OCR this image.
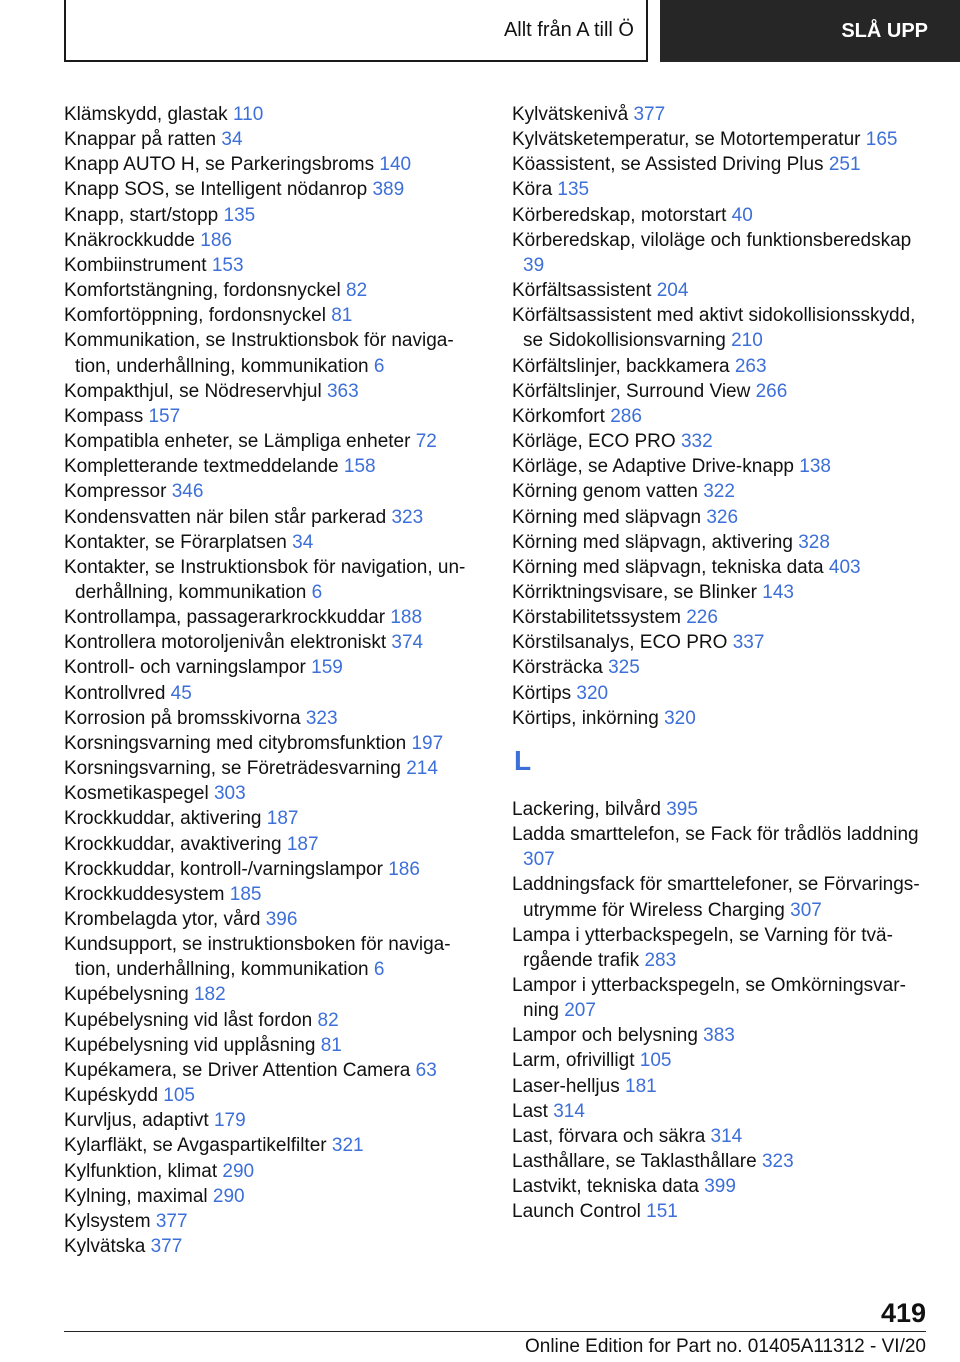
Allt från A till Ö	SLÅ UPP
Klämskydd, glastak 110
Knappar på ratten 34
Knapp AUTO H, se Parkeringsbroms 140
Knapp SOS, se Intelligent nödanrop 389
Knapp, start/stopp 135
Knäkrockkudde 186
Kombiinstrument 153
Komfortstängning, fordonsnyckel 82
Komfortöppning, fordonsnyckel 81
Kommunikation, se Instruktionsbok för navigation, underhållning, kommunikation 6
Kompakthjul, se Nödreservhjul 363
Kompass 157
Kompatibla enheter, se Lämpliga enheter 72
Kompletterande textmeddelande 158
Kompressor 346
Kondensvatten när bilen står parkerad 323
Kontakter, se Förarplatsen 34
Kontakter, se Instruktionsbok för navigation, underhållning, kommunikation 6
Kontrollampa, passagerarkrockkuddar 188
Kontrollera motoroljenivån elektroniskt 374
Kontroll- och varningslampor 159
Kontrollvred 45
Korrosion på bromsskivorna 323
Korsningsvarning med citybromsfunktion 197
Korsningsvarning, se Företrädesvarning 214
Kosmetikaspegel 303
Krockkuddar, aktivering 187
Krockkuddar, avaktivering 187
Krockkuddar, kontroll-/varningslampor 186
Krockkuddesystem 185
Krombelagda ytor, vård 396
Kundsupport, se instruktionsboken för navigation, underhållning, kommunikation 6
Kupébelysning 182
Kupébelysning vid låst fordon 82
Kupébelysning vid upplåsning 81
Kupékamera, se Driver Attention Camera 63
Kupéskydd 105
Kurvljus, adaptivt 179
Kylarfläkt, se Avgaspartikelfilter 321
Kylfunktion, klimat 290
Kylning, maximal 290
Kylsystem 377
Kylvätska 377
Kylvätskenivå 377
Kylvätsketemperatur, se Motortemperatur 165
Köassistent, se Assisted Driving Plus 251
Köra 135
Körberedskap, motorstart 40
Körberedskap, viloläge och funktionsberedskap 39
Körfältsassistent 204
Körfältsassistent med aktivt sidokollisionsskydd, se Sidokollisionsvarning 210
Körfältslinjer, backkamera 263
Körfältslinjer, Surround View 266
Körkomfort 286
Körläge, ECO PRO 332
Körläge, se Adaptive Drive-knapp 138
Körning genom vatten 322
Körning med släpvagn 326
Körning med släpvagn, aktivering 328
Körning med släpvagn, tekniska data 403
Körriktningsvisare, se Blinker 143
Körstabilitetssystem 226
Körstilsanalys, ECO PRO 337
Körsträcka 325
Körtips 320
Körtips, inkörning 320
L
Lackering, bilvård 395
Ladda smarttelefon, se Fack för trådlös laddning 307
Laddningsfack för smarttelefoner, se Förvaringsutrymme för Wireless Charging 307
Lampa i ytterbackspegeln, se Varning för tvärgående trafik 283
Lampor i ytterbackspegeln, se Omkörningsvarning 207
Lampor och belysning 383
Larm, ofrivilligt 105
Laser-helljus 181
Last 314
Last, förvara och säkra 314
Lasthållare, se Taklasthållare 323
Lastvikt, tekniska data 399
Launch Control 151
419
Online Edition for Part no. 01405A11312 - VI/20
